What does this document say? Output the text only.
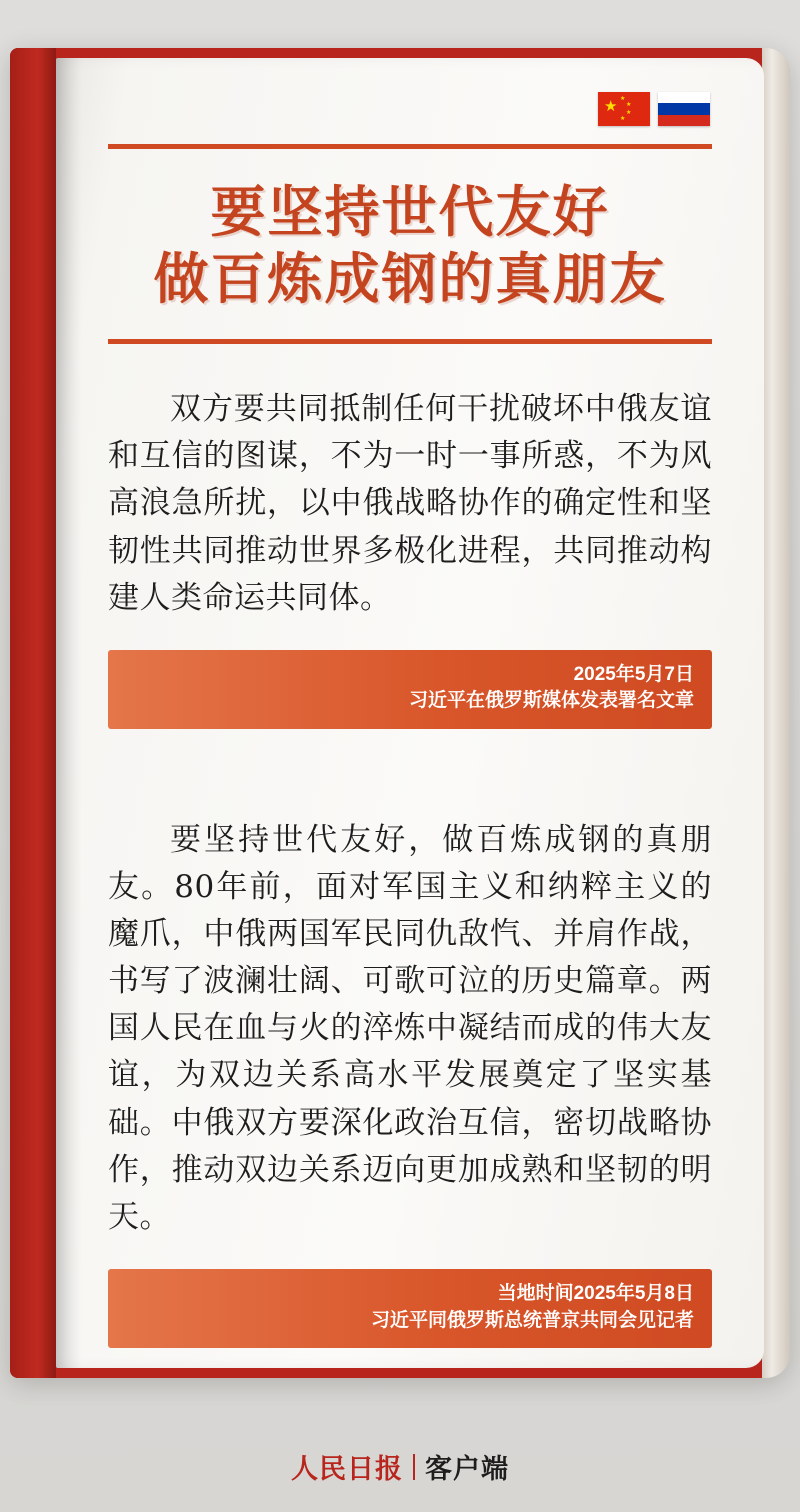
★ ★
★
★
★
要坚持世代友好
做百炼成钢的真朋友
双方要共同抵制任何干扰破坏中俄友谊和互信的图谋，不为一时一事所惑，不为风高浪急所扰，以中俄战略协作的确定性和坚韧性共同推动世界多极化进程，共同推动构建人类命运共同体。
2025年5月7日
习近平在俄罗斯媒体发表署名文章
要坚持世代友好，做百炼成钢的真朋友。80年前，面对军国主义和纳粹主义的魔爪，中俄两国军民同仇敌忾、并肩作战，书写了波澜壮阔、可歌可泣的历史篇章。两国人民在血与火的淬炼中凝结而成的伟大友谊，为双边关系高水平发展奠定了坚实基础。中俄双方要深化政治互信，密切战略协作，推动双边关系迈向更加成熟和坚韧的明天。
当地时间2025年5月8日
习近平同俄罗斯总统普京共同会见记者
人民日报 客户端
